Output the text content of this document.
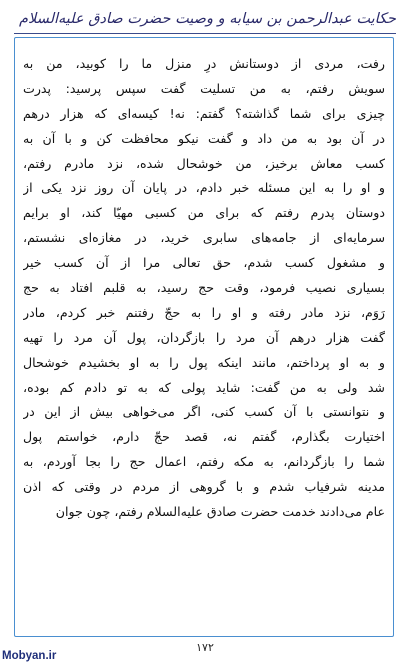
حکایت عبدالرحمن بن سیابه و وصیت حضرت صادق علیه‌السلام
رفت، مردی از دوستانش درِ منزل ما را کوبید، من به
سویش رفتم، به من تسلیت گفت سپس پرسید: پدرت
چیزی برای شما گذاشته؟ گفتم: نه! کیسه‌ای که هزار درهم
در آن بود به من داد و گفت نیکو محافظت کن و با آن به
کسب معاش برخیز، من خوشحال شده، نزد مادرم رفتم،
و او را به این مسئله خبر دادم، در پایان آن روز نزد یکی از
دوستان پدرم رفتم که برای من کسبی مهیّا کند، او برایم
سرمایه‌ای از جامه‌های سابری خرید، در مغازه‌ای نشستم،
و مشغول کسب شدم، حق تعالی مرا از آن کسب خیر
بسیاری نصیب فرمود، وقت حج رسید، به قلبم افتاد به حج
رَوَم، نزد مادر رفته و او را به حجّ رفتنم خبر کردم، مادر
گفت هزار درهم آن مرد را بازگردان، پول آن مرد را تهیه
و به او پرداختم، مانند اینکه پول را به او بخشیدم خوشحال
شد ولی به من گفت: شاید پولی که به تو دادم کم بوده،
و نتوانستی با آن کسب کنی، اگر می‌خواهی بیش از این در
اختیارت بگذارم، گفتم نه، قصد حجّ دارم، خواستم پول
شما را بازگردانم، به مکه رفتم، اعمال حج را بجا آوردم، به
مدینه شرفیاب شدم و با گروهی از مردم در وقتی که اذن
عام می‌دادند خدمت حضرت صادق علیه‌السلام رفتم، چون جوان
۱۷۲
Mobyan.ir
